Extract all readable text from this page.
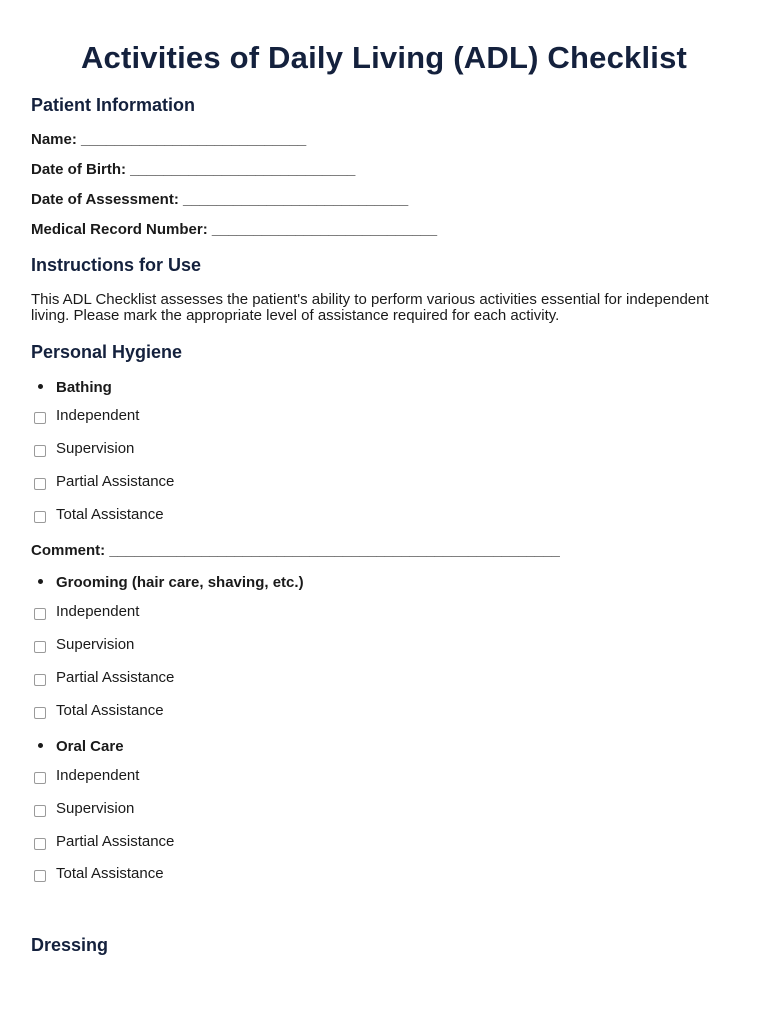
Activities of Daily Living (ADL) Checklist
Patient Information
Name: ___________________________
Date of Birth: ___________________________
Date of Assessment: ___________________________
Medical Record Number: ___________________________
Instructions for Use
This ADL Checklist assesses the patient's ability to perform various activities essential for independent living. Please mark the appropriate level of assistance required for each activity.
Personal Hygiene
Bathing
Independent
Supervision
Partial Assistance
Total Assistance
Comment: ______________________________________________________
Grooming (hair care, shaving, etc.)
Independent
Supervision
Partial Assistance
Total Assistance
Oral Care
Independent
Supervision
Partial Assistance
Total Assistance
Dressing
